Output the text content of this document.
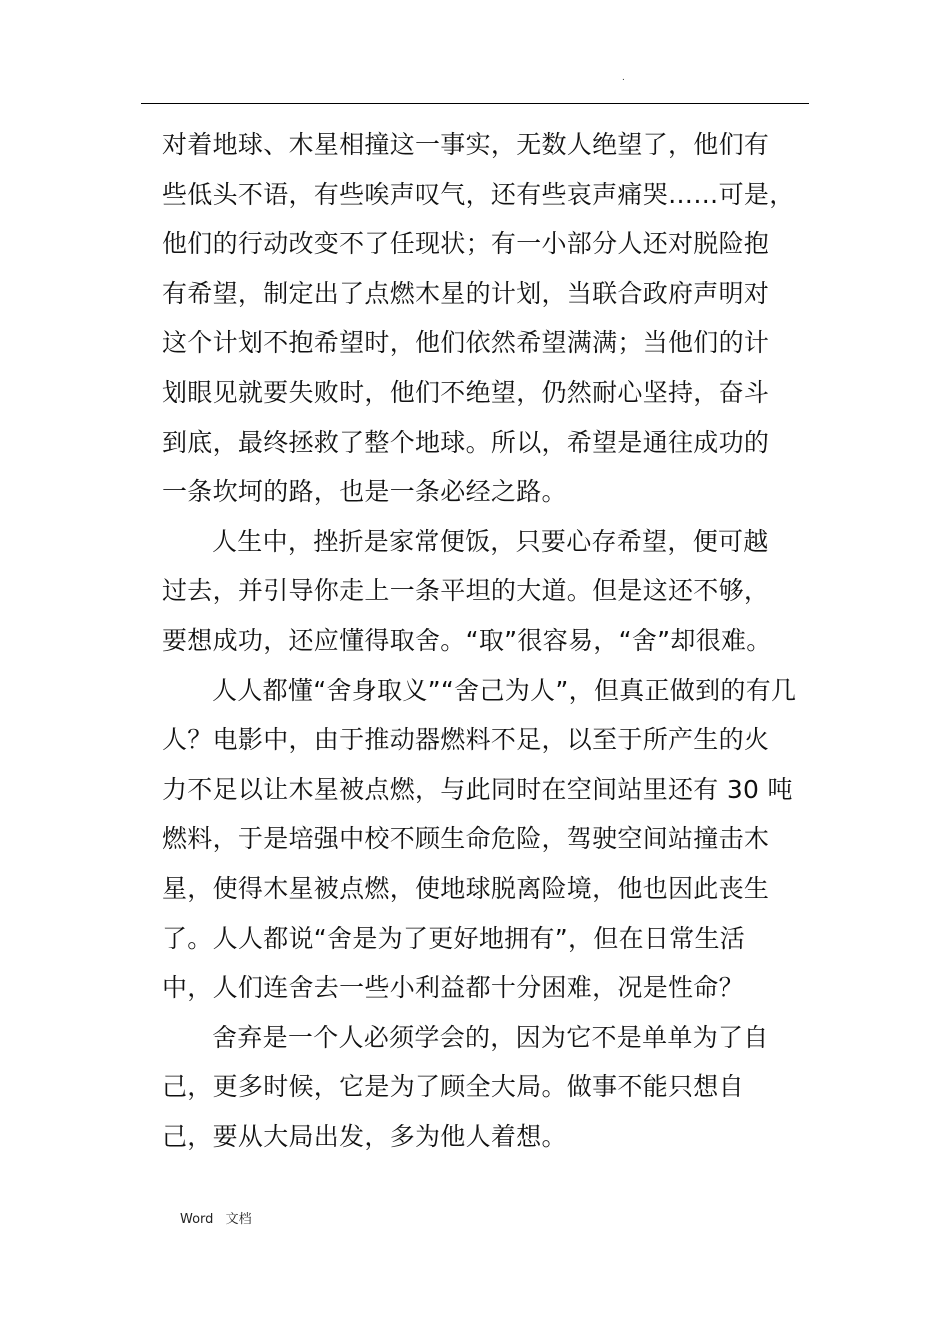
.
对着地球、木星相撞这一事实，无数人绝望了，他们有
些低头不语，有些唉声叹气，还有些哀声痛哭……可是，
他们的行动改变不了任现状；有一小部分人还对脱险抱
有希望，制定出了点燃木星的计划，当联合政府声明对
这个计划不抱希望时，他们依然希望满满；当他们的计
划眼见就要失败时，他们不绝望，仍然耐心坚持，奋斗
到底，最终拯救了整个地球。所以，希望是通往成功的
一条坎坷的路，也是一条必经之路。
人生中，挫折是家常便饭，只要心存希望，便可越
过去，并引导你走上一条平坦的大道。但是这还不够，
要想成功，还应懂得取舍。“取”很容易，“舍”却很难。
人人都懂“舍身取义”“舍己为人”，但真正做到的有几
人？电影中，由于推动器燃料不足，以至于所产生的火
力不足以让木星被点燃，与此同时在空间站里还有 30 吨
燃料，于是培强中校不顾生命危险，驾驶空间站撞击木
星，使得木星被点燃，使地球脱离险境，他也因此丧生
了。人人都说“舍是为了更好地拥有”，但在日常生活
中，人们连舍去一些小利益都十分困难，况是性命？
舍弃是一个人必须学会的，因为它不是单单为了自
己，更多时候，它是为了顾全大局。做事不能只想自
己，要从大局出发，多为他人着想。
Word 文档
